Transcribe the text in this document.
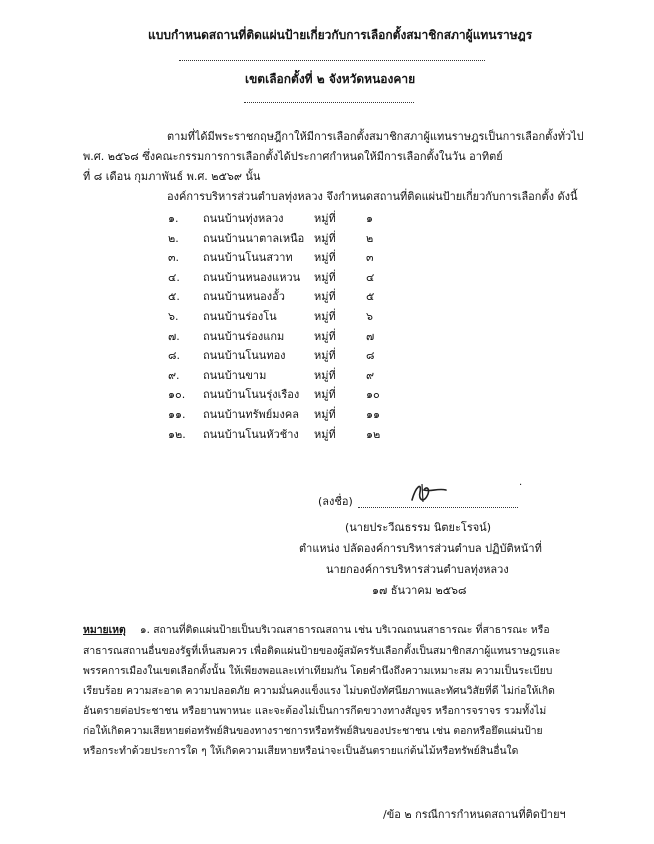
แบบกำหนดสถานที่ติดแผ่นป้ายเกี่ยวกับการเลือกตั้งสมาชิกสภาผู้แทนราษฎร
เขตเลือกตั้งที่ ๒ จังหวัดหนองคาย
ตามที่ได้มีพระราชกฤษฎีกาให้มีการเลือกตั้งสมาชิกสภาผู้แทนราษฎรเป็นการเลือกตั้งทั่วไป
พ.ศ. ๒๕๖๘ ซึ่งคณะกรรมการการเลือกตั้งได้ประกาศกำหนดให้มีการเลือกตั้งในวัน อาทิตย์
ที่ ๘ เดือน กุมภาพันธ์ พ.ศ. ๒๕๖๙ นั้น
องค์การบริหารส่วนตำบลทุ่งหลวง จึงกำหนดสถานที่ติดแผ่นป้ายเกี่ยวกับการเลือกตั้ง ดังนี้
๑. ถนนบ้านทุ่งหลวง	หมู่ที่	๑
๒. ถนนบ้านนาตาลเหนือ หมู่ที่	๒
๓. ถนนบ้านโนนสวาท หมู่ที่	๓
๔. ถนนบ้านหนองแหวน หมู่ที่	๔
๕. ถนนบ้านหนองอั้ว	หมู่ที่	๕
๖. ถนนบ้านร่องโน	หมู่ที่	๖
๗. ถนนบ้านร่องแกม	หมู่ที่	๗
๘. ถนนบ้านโนนทอง	หมู่ที่	๘
๙. ถนนบ้านขาม	หมู่ที่	๙
๑๐. ถนนบ้านโนนรุ่งเรือง หมู่ที่	๑๐
๑๑. ถนนบ้านทรัพย์มงคล หมู่ที่	๑๑
๑๒. ถนนบ้านโนนหัวช้าง หมู่ที่	๑๒
(ลงชื่อ)
·
(นายประวีณธรรม นิตยะโรจน์)
ตำแหน่ง ปลัดองค์การบริหารส่วนตำบล ปฏิบัติหน้าที่
นายกองค์การบริหารส่วนตำบลทุ่งหลวง
๑๗ ธันวาคม ๒๕๖๘
หมายเหตุ ๑. สถานที่ติดแผ่นป้ายเป็นบริเวณสาธารณสถาน เช่น บริเวณถนนสาธารณะ ที่สาธารณะ หรือ
สาธารณสถานอื่นของรัฐที่เห็นสมควร เพื่อติดแผ่นป้ายของผู้สมัครรับเลือกตั้งเป็นสมาชิกสภาผู้แทนราษฎรและ
พรรคการเมืองในเขตเลือกตั้งนั้น ให้เพียงพอและเท่าเทียมกัน โดยคำนึงถึงความเหมาะสม ความเป็นระเบียบ
เรียบร้อย ความสะอาด ความปลอดภัย ความมั่นคงแข็งแรง ไม่บดบังทัศนียภาพและทัศนวิสัยที่ดี ไม่ก่อให้เกิด
อันตรายต่อประชาชน หรือยานพาหนะ และจะต้องไม่เป็นการกีดขวางทางสัญจร หรือการจราจร รวมทั้งไม่
ก่อให้เกิดความเสียหายต่อทรัพย์สินของทางราชการหรือทรัพย์สินของประชาชน เช่น ตอกหรือยึดแผ่นป้าย
หรือกระทำด้วยประการใด ๆ ให้เกิดความเสียหายหรือน่าจะเป็นอันตรายแก่ต้นไม้หรือทรัพย์สินอื่นใด
/ข้อ ๒ กรณีการกำหนดสถานที่ติดป้ายฯ
